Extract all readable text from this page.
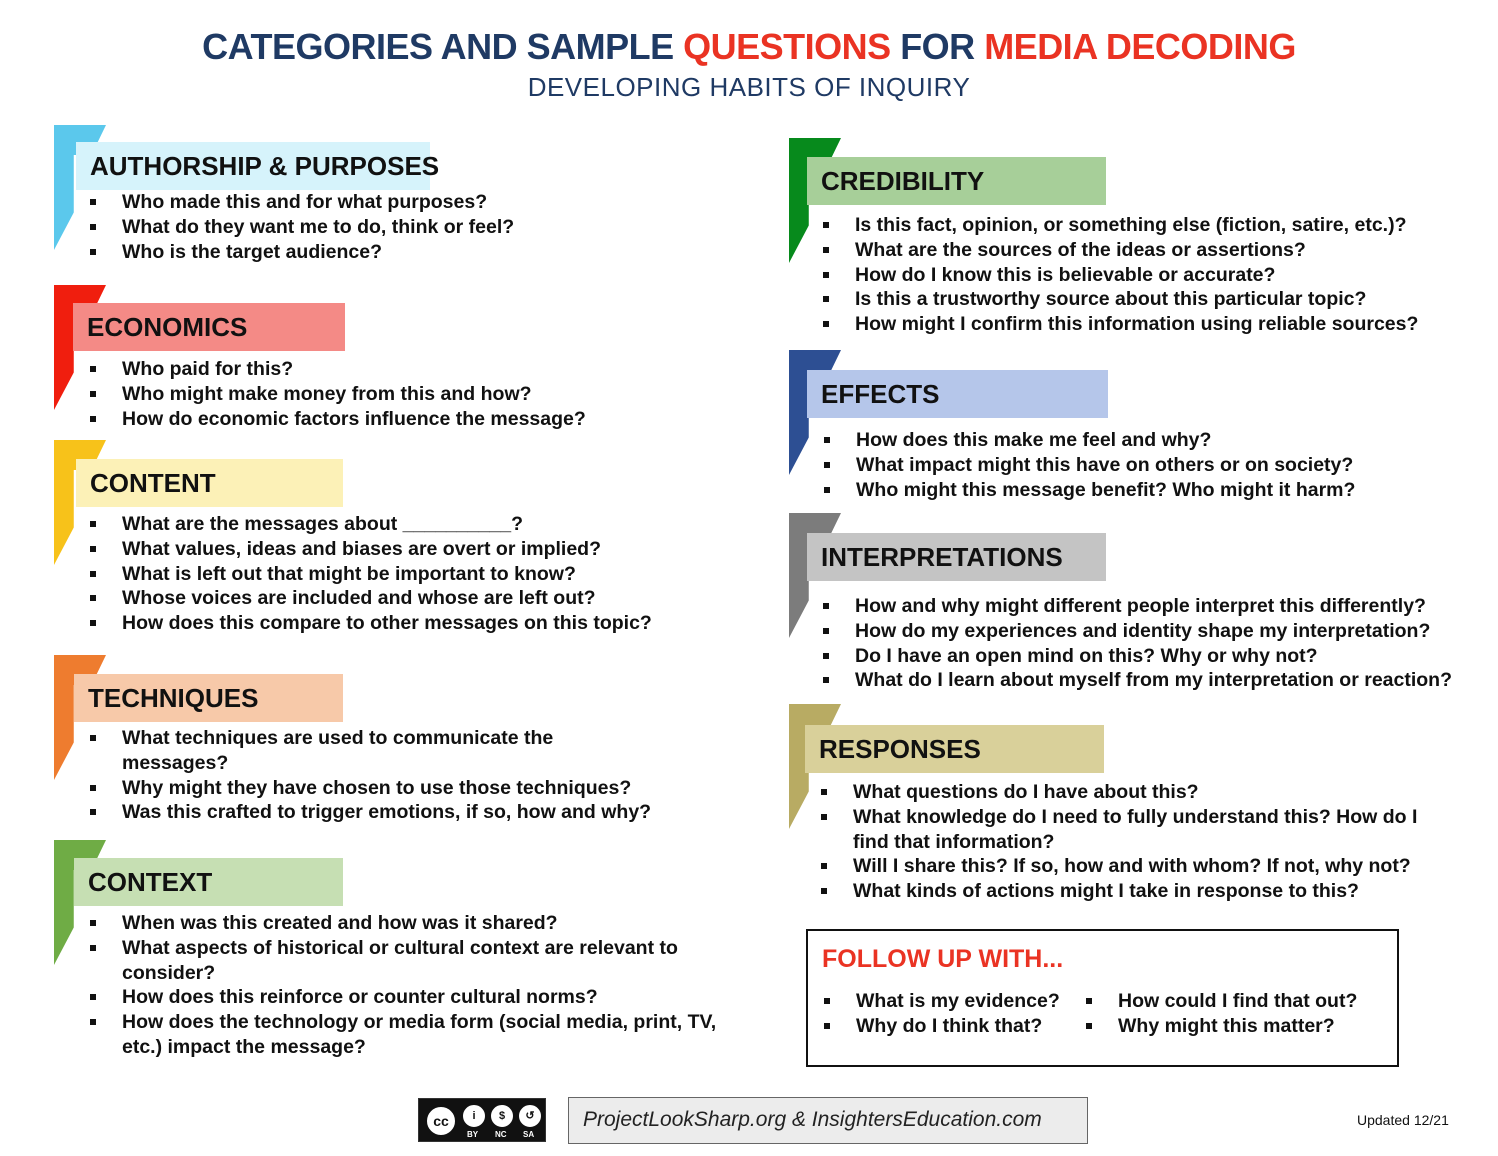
CATEGORIES AND SAMPLE QUESTIONS FOR MEDIA DECODING
DEVELOPING HABITS OF INQUIRY
AUTHORSHIP & PURPOSES
Who made this and for what purposes?
What do they want me to do, think or feel?
Who is the target audience?
ECONOMICS
Who paid for this?
Who might make money from this and how?
How do economic factors influence the message?
CONTENT
What are the messages about __________?
What values, ideas and biases are overt or implied?
What is left out that might be important to know?
Whose voices are included and whose are left out?
How does this compare to other messages on this topic?
TECHNIQUES
What techniques are used to communicate the messages?
Why might they have chosen to use those techniques?
Was this crafted to trigger emotions, if so, how and why?
CONTEXT
When was this created and how was it shared?
What aspects of historical or cultural context are relevant to consider?
How does this reinforce or counter cultural norms?
How does the technology or media form (social media, print, TV, etc.) impact the message?
CREDIBILITY
Is this fact, opinion, or something else (fiction, satire, etc.)?
What are the sources of the ideas or assertions?
How do I know this is believable or accurate?
Is this a trustworthy source about this particular topic?
How might I confirm this information using reliable sources?
EFFECTS
How does this make me feel and why?
What impact might this have on others or on society?
Who might this message benefit? Who might it harm?
INTERPRETATIONS
How and why might different people interpret this differently?
How do my experiences and identity shape my interpretation?
Do I have an open mind on this? Why or why not?
What do I learn about myself from my interpretation or reaction?
RESPONSES
What questions do I have about this?
What knowledge do I need to fully understand this? How do I find that information?
Will I share this? If so, how and with whom? If not, why not?
What kinds of actions might I take in response to this?
FOLLOW UP WITH...
What is my evidence?
Why do I think that?
How could I find that out?
Why might this matter?
cc	i	$	↺
BY NC SA
ProjectLookSharp.org & InsightersEducation.com	Updated 12/21
